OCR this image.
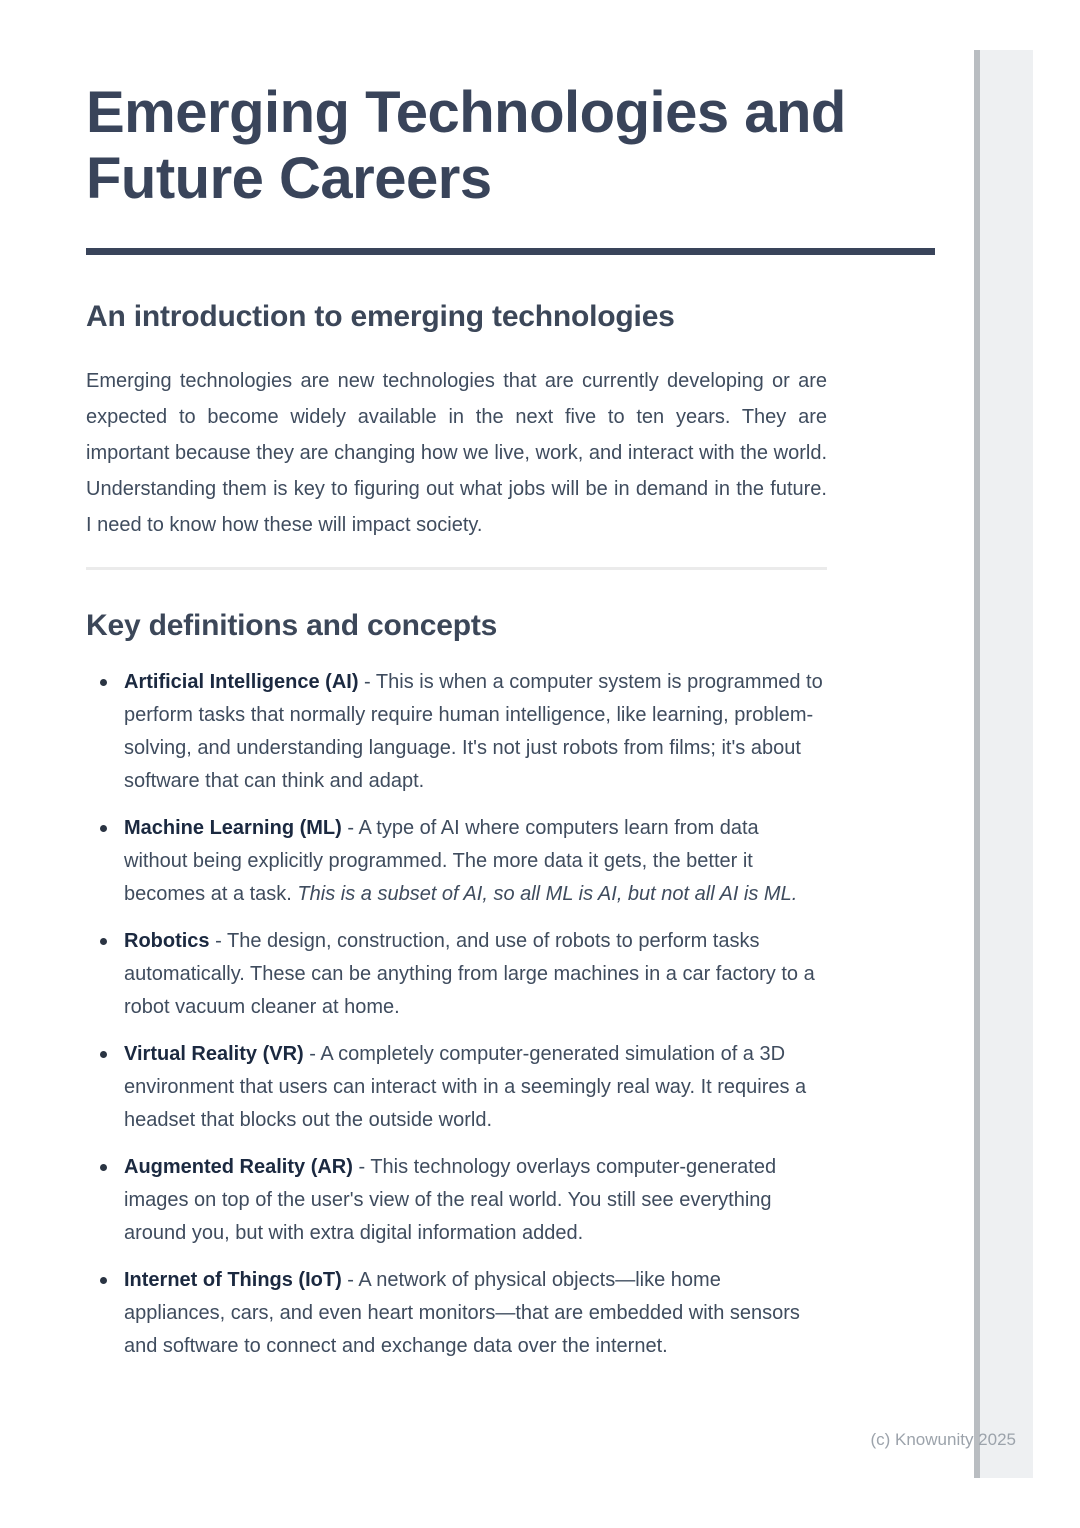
Emerging Technologies and Future Careers
An introduction to emerging technologies

Emerging technologies are new technologies that are currently developing or are expected to become widely available in the next five to ten years. They are important because they are changing how we live, work, and interact with the world. Understanding them is key to figuring out what jobs will be in demand in the future. I need to know how these will impact society.

Key definitions and concepts
Artificial Intelligence (AI) - This is when a computer system is programmed to perform tasks that normally require human intelligence, like learning, problem-solving, and understanding language. It's not just robots from films; it's about software that can think and adapt.
Machine Learning (ML) - A type of AI where computers learn from data without being explicitly programmed. The more data it gets, the better it becomes at a task. This is a subset of AI, so all ML is AI, but not all AI is ML.
Robotics - The design, construction, and use of robots to perform tasks automatically. These can be anything from large machines in a car factory to a robot vacuum cleaner at home.
Virtual Reality (VR) - A completely computer-generated simulation of a 3D environment that users can interact with in a seemingly real way. It requires a headset that blocks out the outside world.
Augmented Reality (AR) - This technology overlays computer-generated images on top of the user's view of the real world. You still see everything around you, but with extra digital information added.
Internet of Things (IoT) - A network of physical objects—like home appliances, cars, and even heart monitors—that are embedded with sensors and software to connect and exchange data over the internet.
(c) Knowunity 2025
